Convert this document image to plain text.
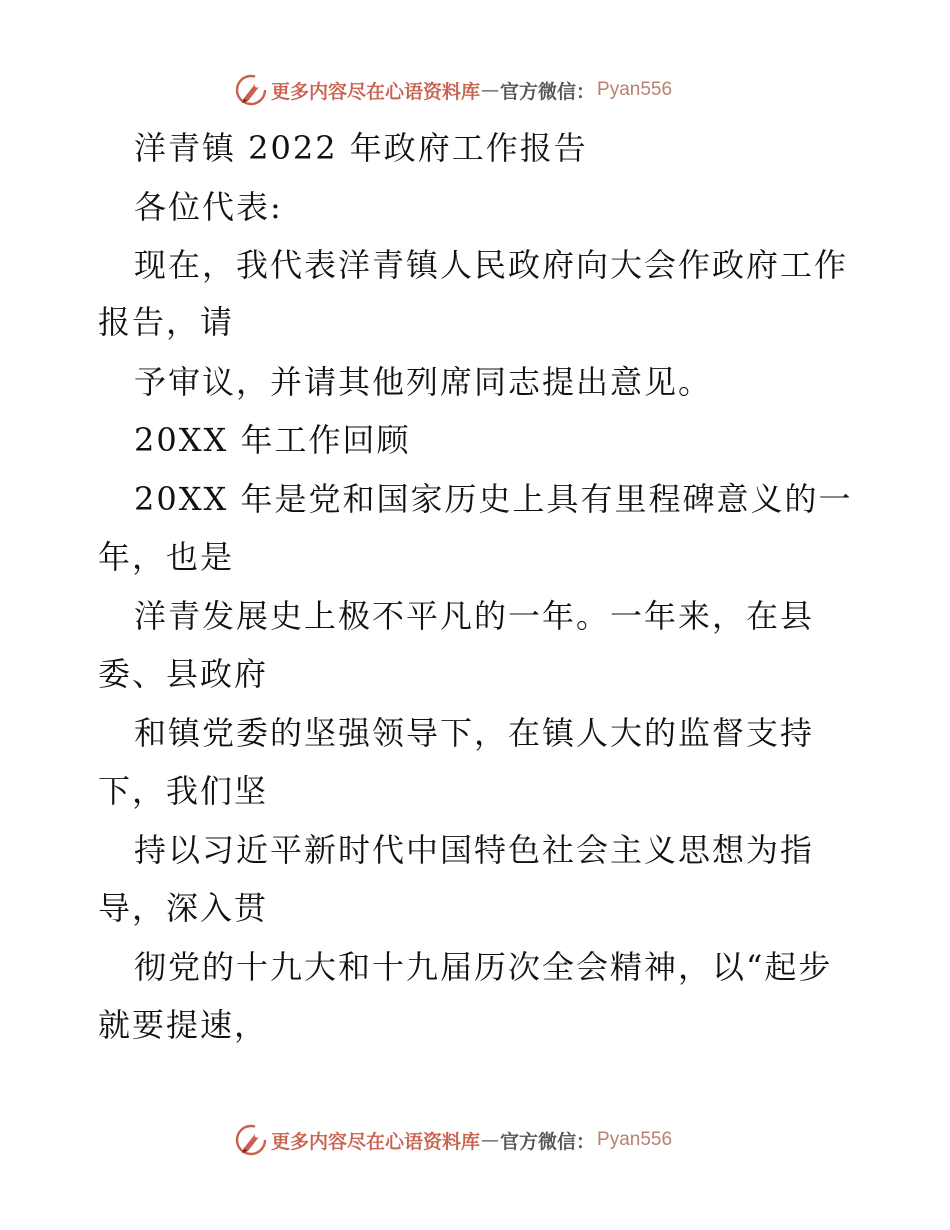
更多内容尽在心语资料库 — 官方微信： Pyan556
洋青镇 2022 年政府工作报告
各位代表:
现在，我代表洋青镇人民政府向大会作政府工作
报告，请
予审议，并请其他列席同志提出意见。
20XX 年工作回顾
20XX 年是党和国家历史上具有里程碑意义的一
年，也是
洋青发展史上极不平凡的一年。一年来，在县
委、县政府
和镇党委的坚强领导下，在镇人大的监督支持
下，我们坚
持以习近平新时代中国特色社会主义思想为指
导，深入贯
彻党的十九大和十九届历次全会精神，以“起步
就要提速，
更多内容尽在心语资料库 — 官方微信： Pyan556
